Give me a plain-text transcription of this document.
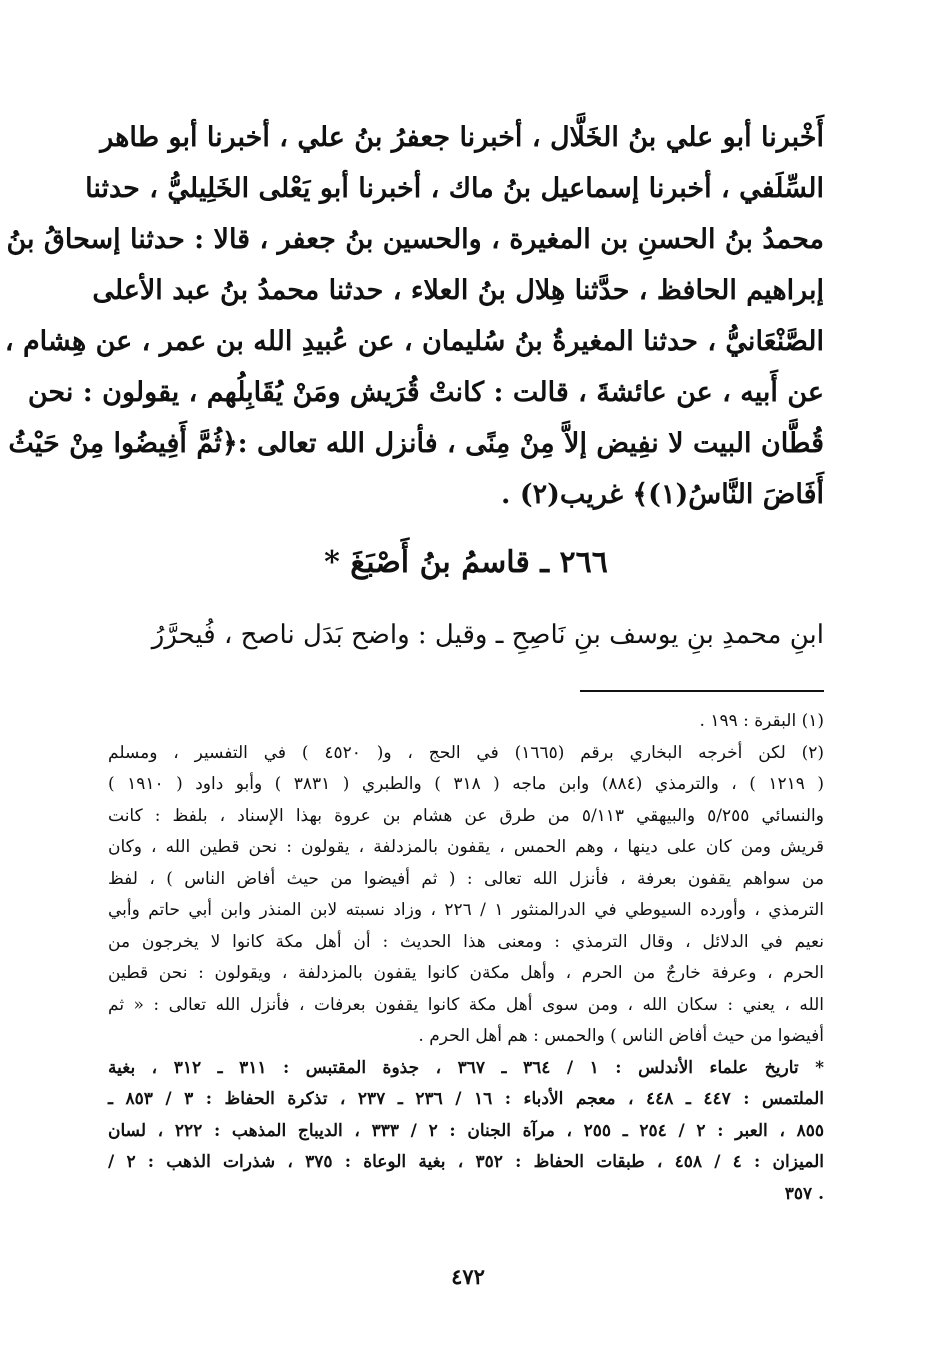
أَخْبرنا أبو علي بنُ الخَلَّال ، أخبرنا جعفرُ بنُ علي ، أخبرنا أبو طاهر
السِّلَفي ، أخبرنا إسماعيل بنُ ماك ، أخبرنا أبو يَعْلى الخَلِيليُّ ، حدثنا
محمدُ بنُ الحسنِ بن المغيرة ، والحسين بنُ جعفر ، قالا : حدثنا إسحاقُ بنُ
إبراهيم الحافظ ، حدَّثنا هِلال بنُ العلاء ، حدثنا محمدُ بنُ عبد الأعلى
الصَّنْعَانيُّ ، حدثنا المغيرةُ بنُ سُليمان ، عن عُبيدِ الله بن عمر ، عن هِشام ،
عن أَبيه ، عن عائشةَ ، قالت : كانتْ قُرَيش ومَنْ يُقَابِلُهم ، يقولون : نحن
قُطَّان البيت لا نفِيض إلاَّ مِنْ مِنًى ، فأنزل الله تعالى :﴿ثُمَّ أَفِيضُوا مِنْ حَيْثُ
أَفَاضَ النَّاسُ(١)﴾ غريب(٢) .
٢٦٦ ـ قاسمُ بنُ أَصْبَغَ *
ابنِ محمدِ بنِ يوسف بنِ نَاصِحِ ـ وقيل : واضح بَدَل ناصح ، فُيحرَّرُ
(١) البقرة : ١٩٩ .
(٢) لكن أخرجه البخاري برقم (١٦٦٥) في الحج ، و( ٤٥٢٠ ) في التفسير ، ومسلم
( ١٢١٩ ) ، والترمذي (٨٨٤) وابن ماجه ( ٣١٨ ) والطبري ( ٣٨٣١ ) وأبو داود ( ١٩١٠ )
والنسائي ٥/٢٥٥ والبيهقي ٥/١١٣ من طرق عن هشام بن عروة بهذا الإسناد ، بلفظ : كانت
قريش ومن كان على دينها ، وهم الحمس ، يقفون بالمزدلفة ، يقولون : نحن قطين الله ، وكان
من سواهم يقفون بعرفة ، فأنزل الله تعالى : ( ثم أفيضوا من حيث أفاض الناس ) ، لفظ
الترمذي ، وأورده السيوطي في الدرالمنثور ١ / ٢٢٦ ، وزاد نسبته لابن المنذر وابن أبي حاتم وأبي
نعيم في الدلائل ، وقال الترمذي : ومعنى هذا الحديث : أن أهل مكة كانوا لا يخرجون من
الحرم ، وعرفة خارجٌ من الحرم ، وأهل مكةن كانوا يقفون بالمزدلفة ، ويقولون : نحن قطين
الله ، يعني : سكان الله ، ومن سوى أهل مكة كانوا يقفون بعرفات ، فأنزل الله تعالى : « ثم
أفيضوا من حيث أفاض الناس ) والحمس : هم أهل الحرم .
* تاريخ علماء الأندلس : ١ / ٣٦٤ ـ ٣٦٧ ، جذوة المقتبس : ٣١١ ـ ٣١٢ ، بغية
الملتمس : ٤٤٧ ـ ٤٤٨ ، معجم الأدباء : ١٦ / ٢٣٦ ـ ٢٣٧ ، تذكرة الحفاظ : ٣ / ٨٥٣ ـ
٨٥٥ ، العبر : ٢ / ٢٥٤ ـ ٢٥٥ ، مرآة الجنان : ٢ / ٣٣٣ ، الديباج المذهب : ٢٢٢ ، لسان
الميزان : ٤ / ٤٥٨ ، طبقات الحفاظ : ٣٥٢ ، بغية الوعاة : ٣٧٥ ، شذرات الذهب : ٢ /
. ٣٥٧
٤٧٢
